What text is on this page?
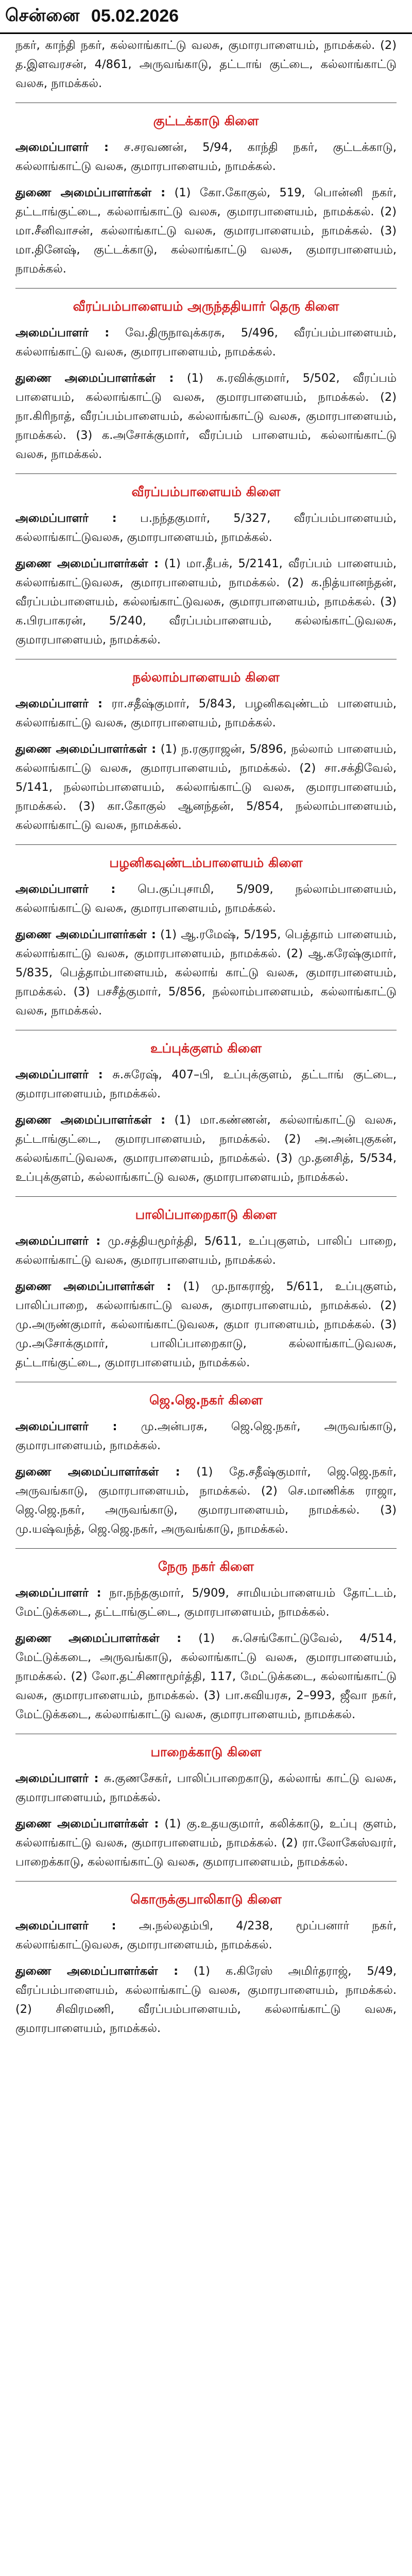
சென்னை 05.02.2026

நகர், காந்தி நகர், கல்லாங்காட்டு வலசு, குமாரபாளையம், நாமக்கல். (2) த.இளவரசன், 4/861, அருவங்காடு, தட்டாங் குட்டை, கல்லாங்காட்டு வலசு, நாமக்கல்.

குட்டக்காடு கிளை

அமைப்பாளர் : ச.சரவணன், 5/94, காந்தி நகர், குட்டக்காடு, கல்லாங்காட்டு வலசு, குமாரபாளையம், நாமக்கல்.

துணை அமைப்பாளர்கள் : (1) கோ.கோகுல், 519, பொன்னி நகர், தட்டாங்குட்டை, கல்லாங்காட்டு வலசு, குமாரபாளையம், நாமக்கல். (2) மா.சீனிவாசன், கல்லாங்காட்டு வலசு, குமாரபாளையம், நாமக்கல். (3) மா.தினேஷ், குட்டக்காடு, கல்லாங்காட்டு வலசு, குமாரபாளையம், நாமக்கல்.

வீரப்பம்பாளையம் அருந்ததியார் தெரு கிளை

அமைப்பாளர் : வே.திருநாவுக்கரசு, 5/496, வீரப்பம்பாளையம், கல்லாங்காட்டு வலசு, குமாரபாளையம், நாமக்கல்.

துணை அமைப்பாளர்கள் : (1) க.ரவிக்குமார், 5/502, வீரப்பம் பாளையம், கல்லாங்காட்டு வலசு, குமாரபாளையம், நாமக்கல். (2) நா.கிரிநாத், வீரப்பம்பாளையம், கல்லாங்காட்டு வலசு, குமாரபாளையம், நாமக்கல். (3) க.அசோக்குமார், வீரப்பம் பாளையம், கல்லாங்காட்டு வலசு, நாமக்கல்.

வீரப்பம்பாளையம் கிளை

அமைப்பாளர் : ப.நந்தகுமார், 5/327, வீரப்பம்பாளையம், கல்லாங்காட்டுவலசு, குமாரபாளையம், நாமக்கல்.

துணை அமைப்பாளர்கள் : (1) மா.தீபக், 5/2141, வீரப்பம் பாளையம், கல்லாங்காட்டுவலசு, குமாரபாளையம், நாமக்கல். (2) க.நித்யானந்தன், வீரப்பம்பாளையம், கல்லங்காட்டுவலசு, குமாரபாளையம், நாமக்கல். (3) க.பிரபாகரன், 5/240, வீரப்பம்பாளையம், கல்லங்காட்டுவலசு, குமாரபாளையம், நாமக்கல்.

நல்லாம்பாளையம் கிளை

அமைப்பாளர் : ரா.சதீஷ்குமார், 5/843, பழனிகவுண்டம் பாளையம், கல்லாங்காட்டு வலசு, குமாரபாளையம், நாமக்கல்.

துணை அமைப்பாளர்கள் : (1) ந.ரகுராஜன், 5/896, நல்லாம் பாளையம், கல்லாங்காட்டு வலசு, குமாரபாளையம், நாமக்கல். (2) சா.சக்திவேல், 5/141, நல்லாம்பாளையம், கல்லாங்காட்டு வலசு, குமாரபாளையம், நாமக்கல். (3) கா.கோகுல் ஆனந்தன், 5/854, நல்லாம்பாளையம், கல்லாங்காட்டு வலசு, நாமக்கல்.

பழனிகவுண்டம்பாளையம் கிளை

அமைப்பாளர் : பெ.குப்புசாமி, 5/909, நல்லாம்பாளையம், கல்லாங்காட்டு வலசு, குமாரபாளையம், நாமக்கல்.

துணை அமைப்பாளர்கள் : (1) ஆ.ரமேஷ், 5/195, பெத்தாம் பாளையம், கல்லாங்காட்டு வலசு, குமாரபாளையம், நாமக்கல். (2) ஆ.கரேஷ்குமார், 5/835, பெத்தாம்பாளையம், கல்லாங் காட்டு வலசு, குமாரபாளையம், நாமக்கல். (3) பசசீத்குமார், 5/856, நல்லாம்பாளையம், கல்லாங்காட்டு வலசு, நாமக்கல்.

உப்புக்குளம் கிளை

அமைப்பாளர் : சு.சுரேஷ், 407–பி, உப்புக்குளம், தட்டாங் குட்டை, குமாரபாளையம், நாமக்கல்.

துணை அமைப்பாளர்கள் : (1) மா.கண்ணன், கல்லாங்காட்டு வலசு, தட்டாங்குட்டை, குமாரபாளையம், நாமக்கல். (2) அ.அன்புகுகன், கல்லங்காட்டுவலசு, குமாரபாளையம், நாமக்கல். (3) மு.தனசித், 5/534, உப்புக்குளம், கல்லாங்காட்டு வலசு, குமாரபாளையம், நாமக்கல்.

பாலிப்பாறைகாடு கிளை

அமைப்பாளர் : மு.சத்தியமூர்த்தி, 5/611, உப்புகுளம், பாலிப் பாறை, கல்லாங்காட்டு வலசு, குமாரபாளையம், நாமக்கல்.

துணை அமைப்பாளர்கள் : (1) மு.நாகராஜ், 5/611, உப்புகுளம், பாலிப்பாறை, கல்லாங்காட்டு வலசு, குமாரபாளையம், நாமக்கல். (2) மு.அருண்குமார், கல்லாங்காட்டுவலசு, குமா ரபாளையம், நாமக்கல். (3) மு.அசோக்குமார், பாலிப்பாறைகாடு, கல்லாங்காட்டுவலசு, தட்டாங்குட்டை, குமாரபாளையம், நாமக்கல்.

ஜெ.ஜெ.நகர் கிளை

அமைப்பாளர் : மு.அன்பரசு, ஜெ.ஜெ.நகர், அருவங்காடு, குமாரபாளையம், நாமக்கல்.

துணை அமைப்பாளர்கள் : (1) தே.சதீஷ்குமார், ஜெ.ஜெ.நகர், அருவங்காடு, குமாரபாளையம், நாமக்கல். (2) செ.மாணிக்க ராஜா, ஜெ.ஜெ.நகர், அருவங்காடு, குமாரபாளையம், நாமக்கல். (3) மு.யஷ்வந்த், ஜெ.ஜெ.நகர், அருவங்காடு, நாமக்கல்.

நேரு நகர் கிளை

அமைப்பாளர் : நா.நந்தகுமார், 5/909, சாமியம்பாளையம் தோட்டம், மேட்டுக்கடை, தட்டாங்குட்டை, குமாரபாளையம், நாமக்கல்.

துணை அமைப்பாளர்கள் : (1) சு.செங்கோட்டுவேல், 4/514, மேட்டுக்கடை, அருவங்காடு, கல்லாங்காட்டு வலசு, குமாரபாளையம், நாமக்கல். (2) லோ.தட்சிணாமூர்த்தி, 117, மேட்டுக்கடை, கல்லாங்காட்டு வலசு, குமாரபாளையம், நாமக்கல். (3) பா.கவியரசு, 2–993, ஜீவா நகர், மேட்டுக்கடை, கல்லாங்காட்டு வலசு, குமாரபாளையம், நாமக்கல்.

பாறைக்காடு கிளை

அமைப்பாளர் : சு.குணசேகர், பாலிப்பாறைகாடு, கல்லாங் காட்டு வலசு, குமாரபாளையம், நாமக்கல்.

துணை அமைப்பாளர்கள் : (1) கு.உதயகுமார், கலிக்காடு, உப்பு குளம், கல்லாங்காட்டு வலசு, குமாரபாளையம், நாமக்கல். (2) ரா.லோகேஸ்வரர், பாறைக்காடு, கல்லாங்காட்டு வலசு, குமாரபாளையம், நாமக்கல்.

கொருக்குபாலிகாடு கிளை

அமைப்பாளர் : அ.நல்லதம்பி, 4/238, மூப்பனார் நகர், கல்லாங்காட்டுவலசு, குமாரபாளையம், நாமக்கல்.

துணை அமைப்பாளர்கள் : (1) க.கிரேஸ் அமிர்தராஜ், 5/49, வீரப்பம்பாளையம், கல்லாங்காட்டு வலசு, குமாரபாளையம், நாமக்கல். (2) சிவிரமணி, வீரப்பம்பாளையம், கல்லாங்காட்டு வலசு, குமாரபாளையம், நாமக்கல்.
